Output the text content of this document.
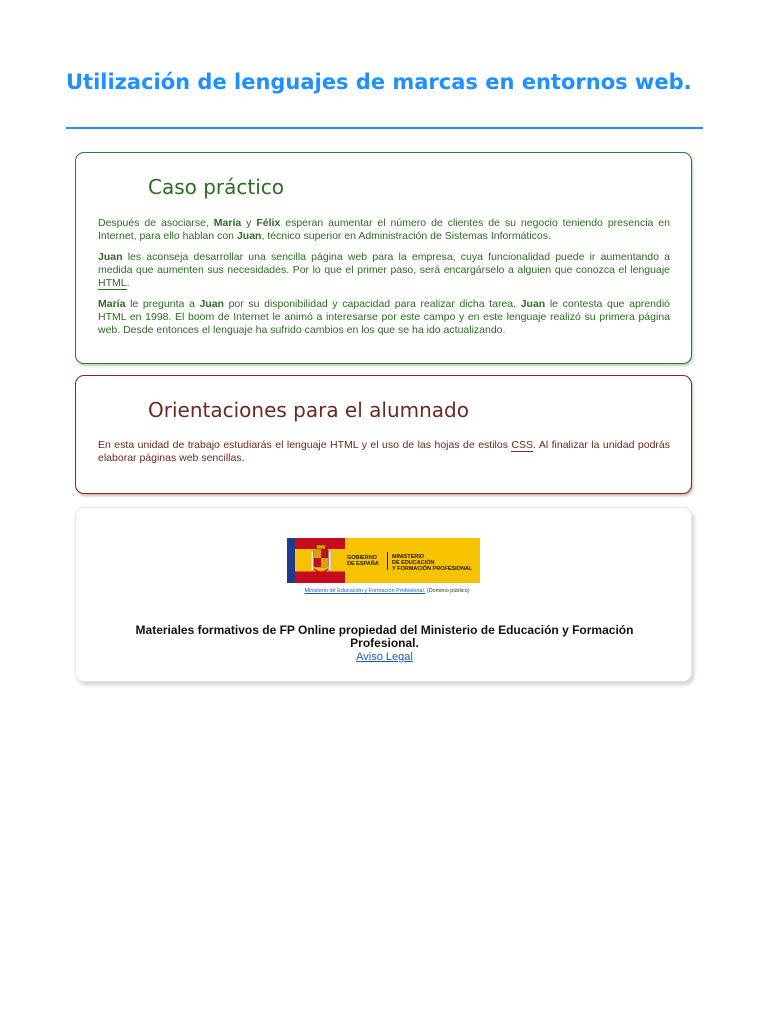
Utilización de lenguajes de marcas en entornos web.
Caso práctico

Después de asociarse, María y Félix esperan aumentar el número de clientes de su negocio teniendo presencia en Internet, para ello hablan con Juan, técnico superior en Administración de Sistemas Informáticos.

Juan les aconseja desarrollar una sencilla página web para la empresa, cuya funcionalidad puede ir aumentando a medida que aumenten sus necesidades. Por lo que el primer paso, será encargárselo a alguien que conozca el lenguaje HTML.

María le pregunta a Juan por su disponibilidad y capacidad para realizar dicha tarea. Juan le contesta que aprendió HTML en 1998. El boom de Internet le animó a interesarse por este campo y en este lenguaje realizó su primera página web. Desde entonces el lenguaje ha sufrido cambios en los que se ha ido actualizando.

Orientaciones para el alumnado

En esta unidad de trabajo estudiarás el lenguaje HTML y el uso de las hojas de estilos CSS. Al finalizar la unidad podrás elaborar páginas web sencillas.

GOBIERNO
DE ESPAÑA
MINISTERIO
DE EDUCACIÓN
Y FORMACIÓN PROFESIONAL
Ministerio de Educación y Formación Profesional. (Dominio público)
Materiales formativos de FP Online propiedad del Ministerio de Educación y Formación Profesional.
Aviso Legal
